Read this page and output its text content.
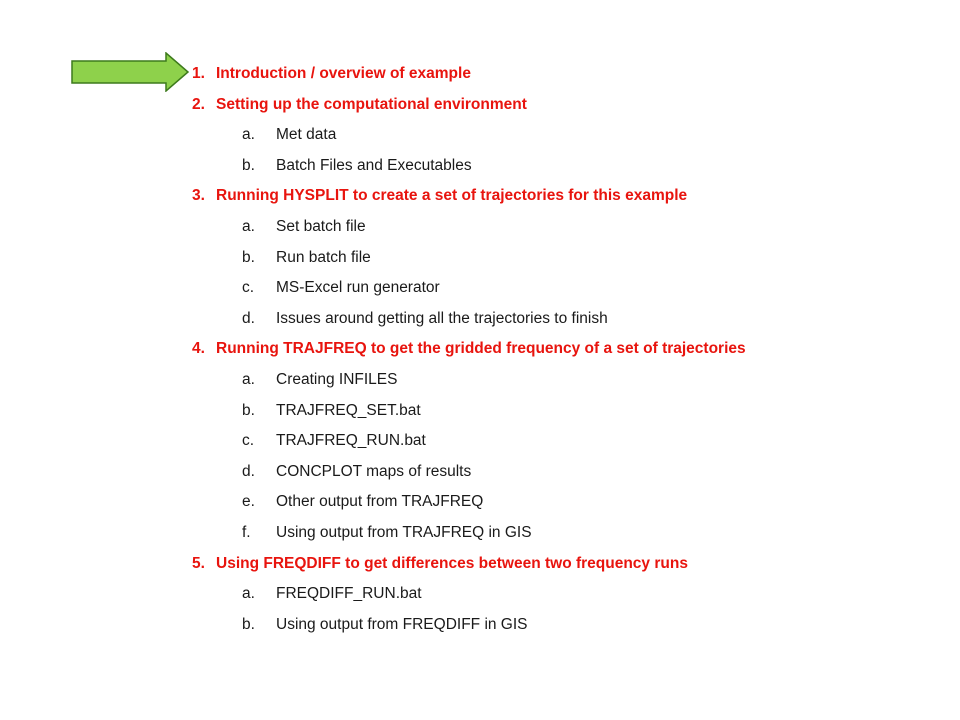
1. Introduction / overview of example
2. Setting up the computational environment
a. Met data
b. Batch Files and Executables
3. Running HYSPLIT to create a set of trajectories for this example
a. Set batch file
b. Run batch file
c. MS-Excel run generator
d. Issues around getting all the trajectories to finish
4. Running TRAJFREQ to get the gridded frequency of a set of trajectories
a. Creating INFILES
b. TRAJFREQ_SET.bat
c. TRAJFREQ_RUN.bat
d. CONCPLOT maps of results
e. Other output from TRAJFREQ
f. Using output from TRAJFREQ in GIS
5. Using FREQDIFF to get differences between two frequency runs
a. FREQDIFF_RUN.bat
b. Using output from FREQDIFF in GIS
